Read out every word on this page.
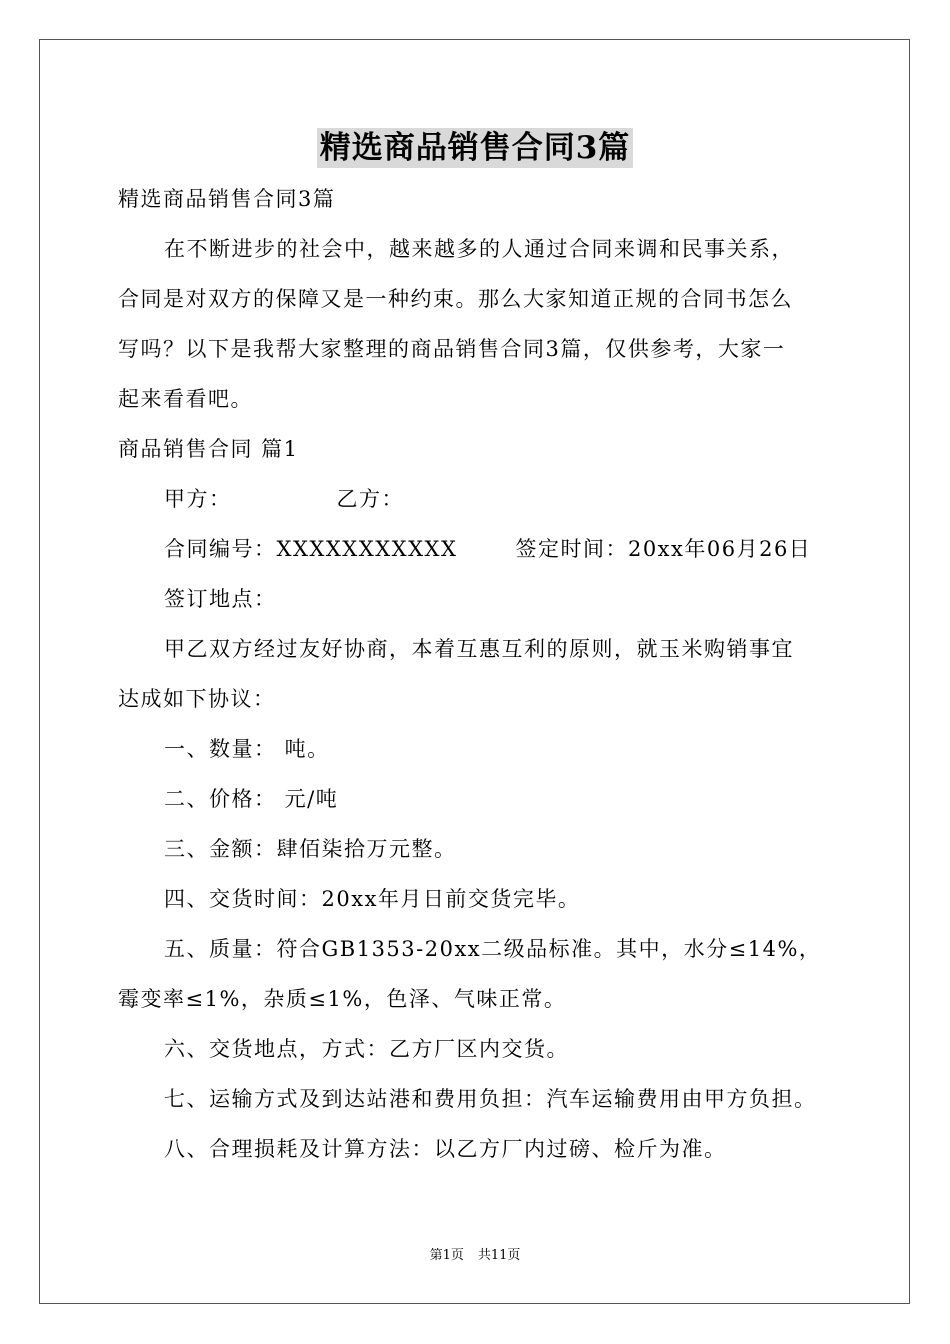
精选商品销售合同3篇
精选商品销售合同3篇
在不断进步的社会中，越来越多的人通过合同来调和民事关系，
合同是对双方的保障又是一种约束。那么大家知道正规的合同书怎么
写吗？以下是我帮大家整理的商品销售合同3篇，仅供参考，大家一
起来看看吧。
商品销售合同 篇1
甲方：	乙方：
合同编号：XXXXXXXXXXX	签定时间：20xx年06月26日
签订地点：
甲乙双方经过友好协商，本着互惠互利的原则，就玉米购销事宜
达成如下协议：
一、数量： 吨。
二、价格： 元/吨
三、金额：肆佰柒拾万元整。
四、交货时间：20xx年月日前交货完毕。
五、质量：符合GB1353-20xx二级品标准。其中，水分≤14%，
霉变率≤1%，杂质≤1%，色泽、气味正常。
六、交货地点，方式：乙方厂区内交货。
七、运输方式及到达站港和费用负担：汽车运输费用由甲方负担。
八、合理损耗及计算方法：以乙方厂内过磅、检斤为准。
第1页 共11页
